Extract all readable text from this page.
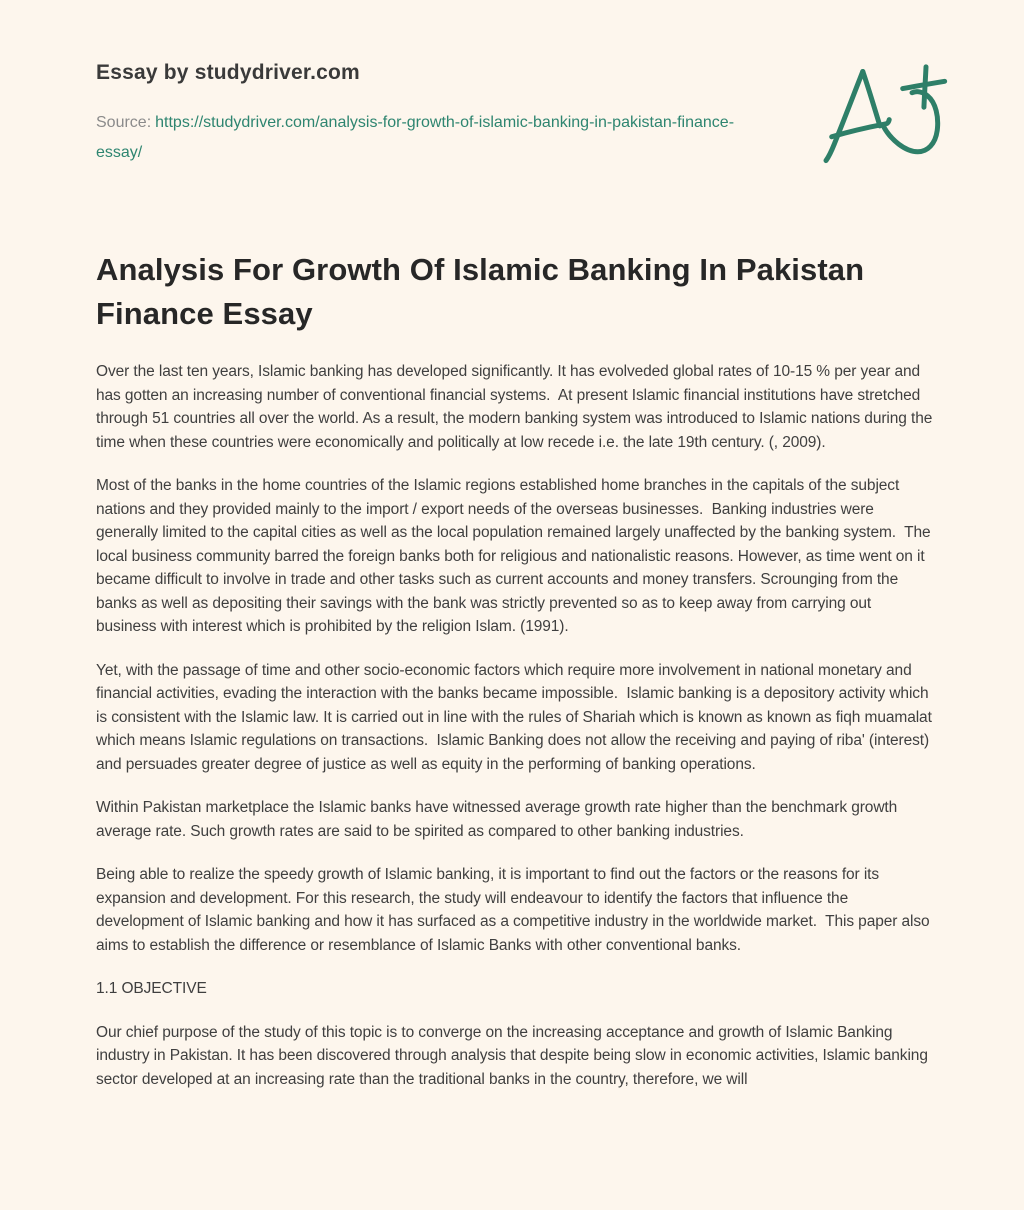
Essay by studydriver.com

Source: https://studydriver.com/analysis-for-growth-of-islamic-banking-in-pakistan-finance-essay/

Analysis For Growth Of Islamic Banking In Pakistan Finance Essay

Over the last ten years, Islamic banking has developed significantly. It has evolveded global rates of 10-15 % per year and has gotten an increasing number of conventional financial systems.  At present Islamic financial institutions have stretched through 51 countries all over the world. As a result, the modern banking system was introduced to Islamic nations during the time when these countries were economically and politically at low recede i.e. the late 19th century. (, 2009).

Most of the banks in the home countries of the Islamic regions established home branches in the capitals of the subject nations and they provided mainly to the import / export needs of the overseas businesses.  Banking industries were generally limited to the capital cities as well as the local population remained largely unaffected by the banking system.  The local business community barred the foreign banks both for religious and nationalistic reasons. However, as time went on it became difficult to involve in trade and other tasks such as current accounts and money transfers. Scrounging from the banks as well as depositing their savings with the bank was strictly prevented so as to keep away from carrying out business with interest which is prohibited by the religion Islam. (1991).

Yet, with the passage of time and other socio-economic factors which require more involvement in national monetary and financial activities, evading the interaction with the banks became impossible.  Islamic banking is a depository activity which is consistent with the Islamic law. It is carried out in line with the rules of Shariah which is known as known as fiqh muamalat which means Islamic regulations on transactions.  Islamic Banking does not allow the receiving and paying of riba' (interest) and persuades greater degree of justice as well as equity in the performing of banking operations.

Within Pakistan marketplace the Islamic banks have witnessed average growth rate higher than the benchmark growth average rate. Such growth rates are said to be spirited as compared to other banking industries.

Being able to realize the speedy growth of Islamic banking, it is important to find out the factors or the reasons for its expansion and development. For this research, the study will endeavour to identify the factors that influence the development of Islamic banking and how it has surfaced as a competitive industry in the worldwide market.  This paper also aims to establish the difference or resemblance of Islamic Banks with other conventional banks.

1.1 OBJECTIVE

Our chief purpose of the study of this topic is to converge on the increasing acceptance and growth of Islamic Banking industry in Pakistan. It has been discovered through analysis that despite being slow in economic activities, Islamic banking sector developed at an increasing rate than the traditional banks in the country, therefore, we will
